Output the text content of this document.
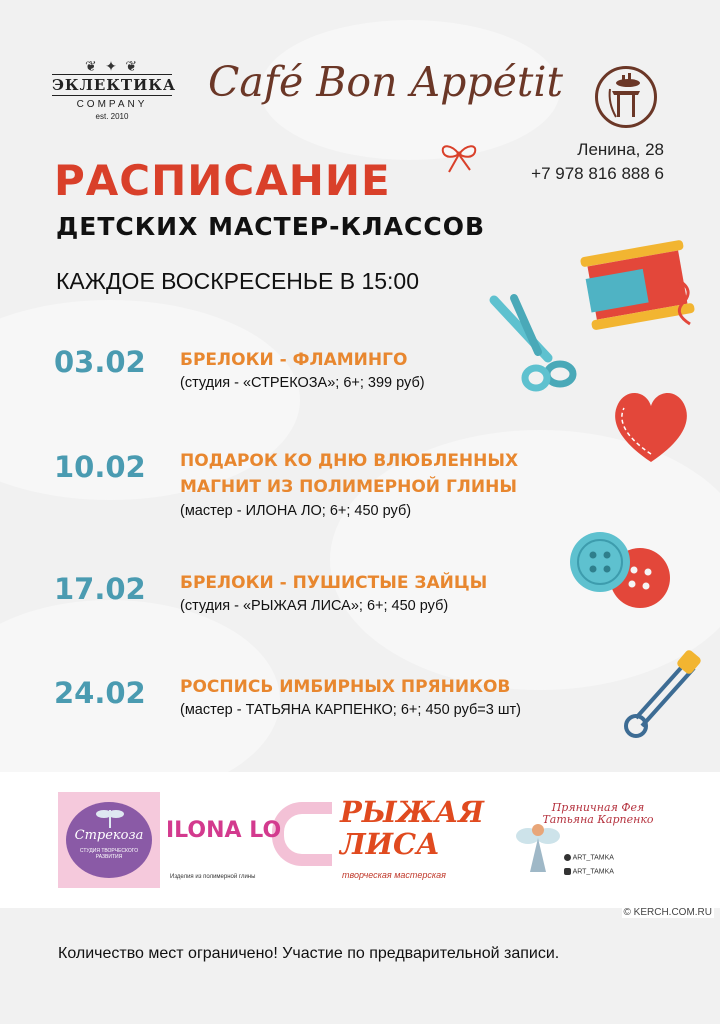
❦ ✦ ❦
ЭКЛЕКТИКА
COMPANY
est. 2010
Café Bon Appétit
Ленина, 28
+7 978 816 888 6
РАСПИСАНИЕ
ДЕТСКИХ МАСТЕР-КЛАССОВ
КАЖДОЕ ВОСКРЕСЕНЬЕ В 15:00
03.02 БРЕЛОКИ - ФЛАМИНГО
(студия - «СТРЕКОЗА»; 6+; 399 руб)
10.02 ПОДАРОК КО ДНЮ ВЛЮБЛЕННЫХ
МАГНИТ ИЗ ПОЛИМЕРНОЙ ГЛИНЫ
(мастер - ИЛОНА ЛО; 6+; 450 руб)
17.02 БРЕЛОКИ - ПУШИСТЫЕ ЗАЙЦЫ
(студия - «РЫЖАЯ ЛИСА»; 6+; 450 руб)
24.02 РОСПИСЬ ИМБИРНЫХ ПРЯНИКОВ
(мастер - ТАТЬЯНА КАРПЕНКО; 6+; 450 руб=3 шт)
Стрекоза
СТУДИЯ ТВОРЧЕСКОГО РАЗВИТИЯ
ILONA LO
Изделия из полимерной глины
РЫЖАЯ ЛИСА
творческая мастерская
Пряничная Фея Татьяна Карпенко
ART_TAMKA
ART_TAMKA
© KERCH.COM.RU
Количество мест ограничено! Участие по предварительной записи.
